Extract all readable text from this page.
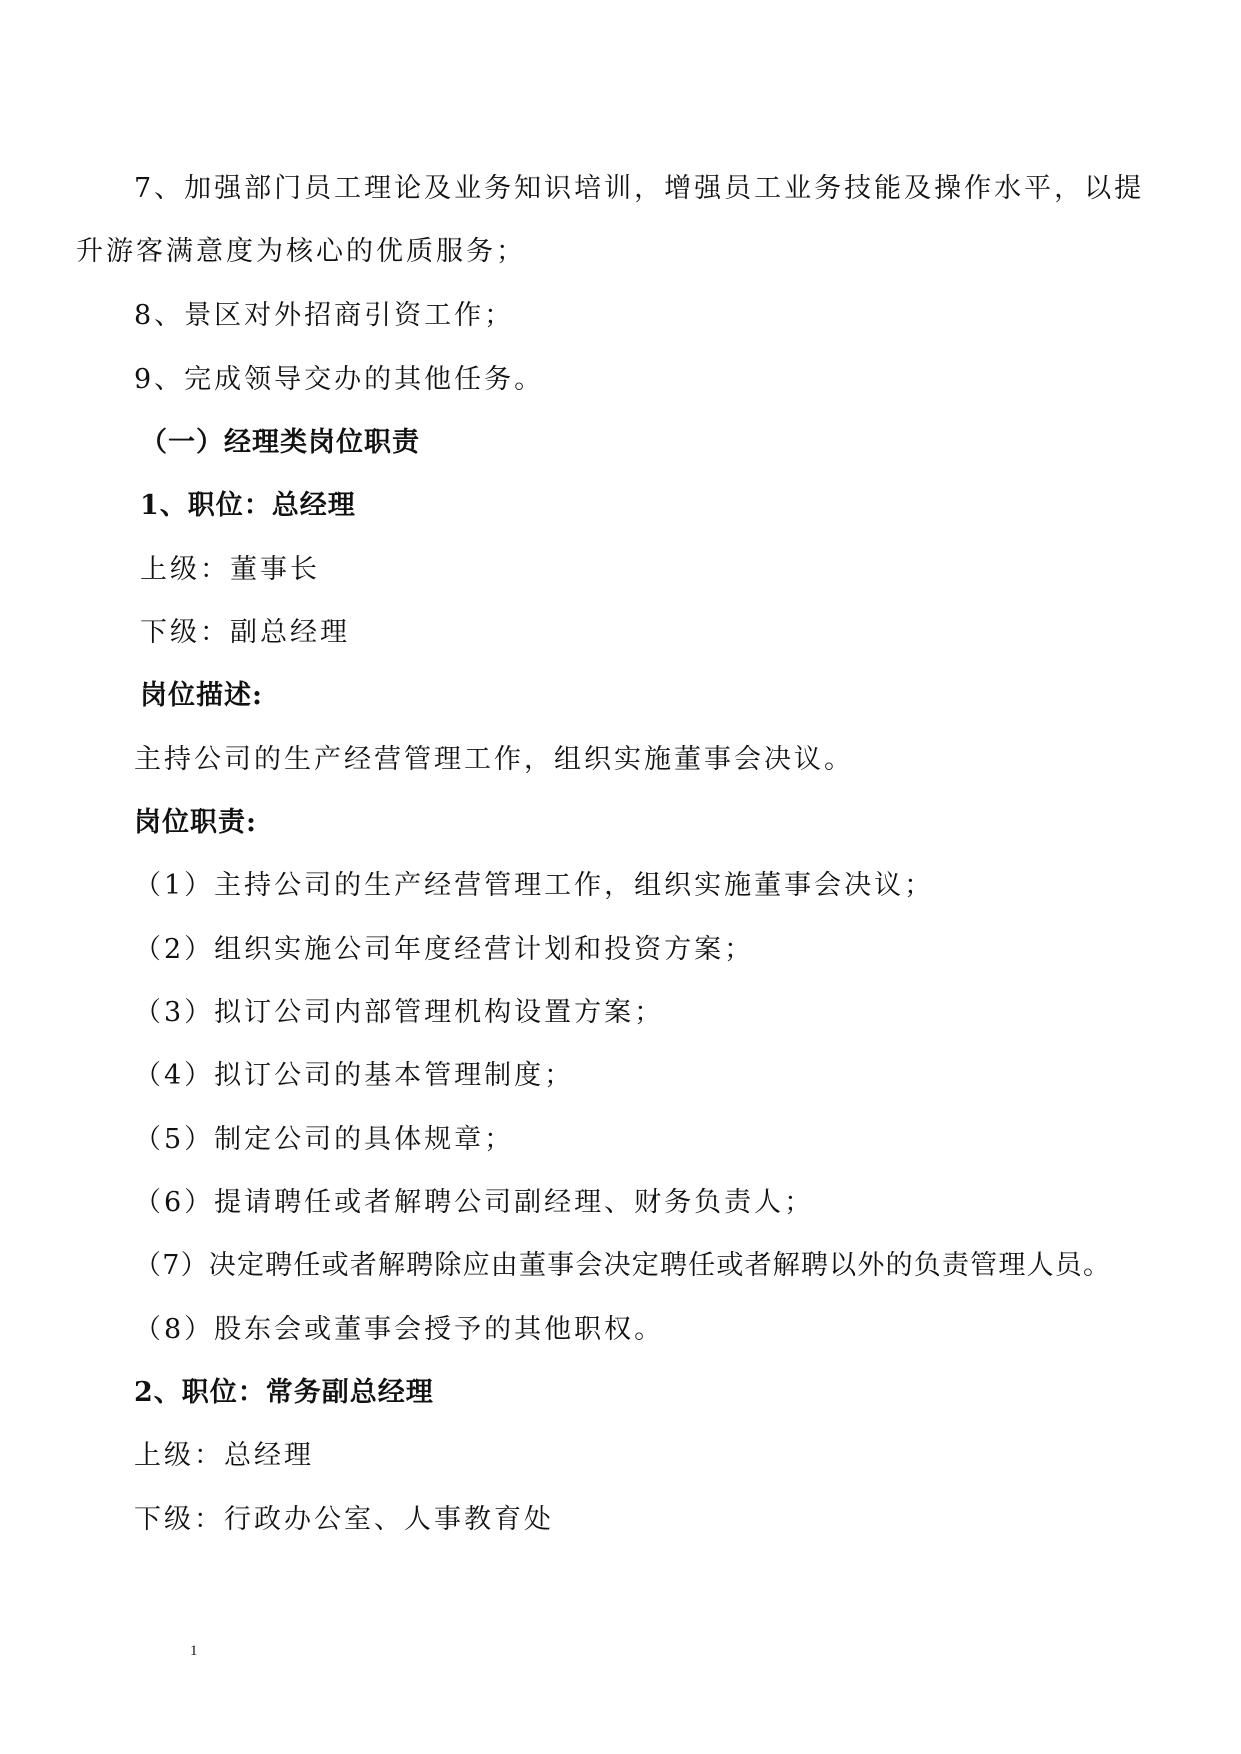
7、加强部门员工理论及业务知识培训，增强员工业务技能及操作水平，以提
升游客满意度为核心的优质服务；
8、景区对外招商引资工作；
9、完成领导交办的其他任务。
（一）经理类岗位职责
1、职位：总经理
上级：董事长
下级：副总经理
岗位描述:
主持公司的生产经营管理工作，组织实施董事会决议。
岗位职责:
（1）主持公司的生产经营管理工作，组织实施董事会决议；
（2）组织实施公司年度经营计划和投资方案；
（3）拟订公司内部管理机构设置方案；
（4）拟订公司的基本管理制度；
（5）制定公司的具体规章；
（6）提请聘任或者解聘公司副经理、财务负责人；
（7）决定聘任或者解聘除应由董事会决定聘任或者解聘以外的负责管理人员。
（8）股东会或董事会授予的其他职权。
2、职位：常务副总经理
上级：总经理
下级：行政办公室、人事教育处
1
